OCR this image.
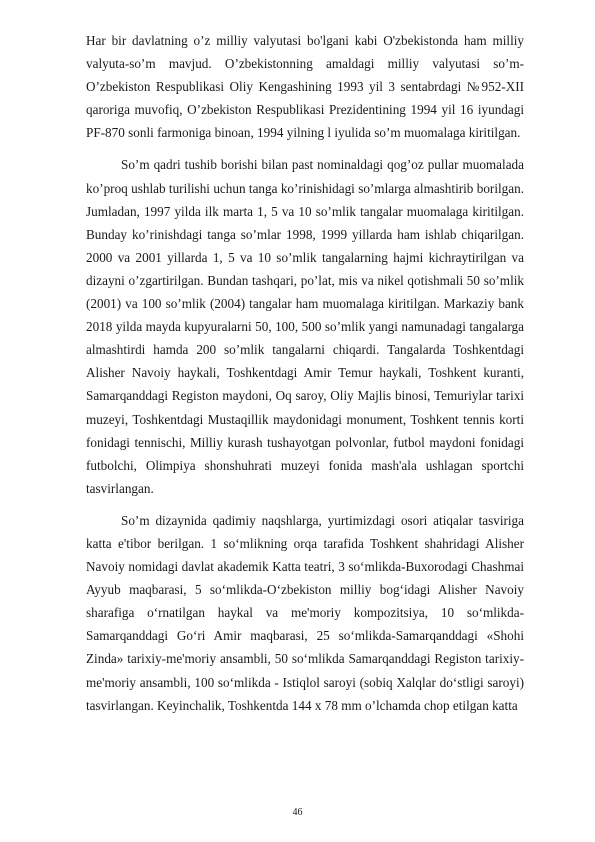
Har bir davlatning o’z milliy valyutasi bo'lgani kabi O'zbekistonda ham milliy valyuta-so’m mavjud. O’zbekistonning amaldagi milliy valyutasi so’m- O’zbekiston Respublikasi Oliy Kengashining 1993 yil 3 sentabrdagi №952-XII qaroriga muvofiq, O’zbekiston Respublikasi Prezidentining 1994 yil 16 iyundagi PF-870 sonli farmoniga binoan, 1994 yilning l iyulida so’m muomalaga kiritilgan.

So’m qadri tushib borishi bilan past nominaldagi qog’oz pullar muomalada ko’proq ushlab turilishi uchun tanga ko’rinishidagi so’mlarga almashtirib borilgan. Jumladan, 1997 yilda ilk marta 1, 5 va 10 so’mlik tangalar muomalaga kiritilgan. Bunday ko’rinishdagi tanga so’mlar 1998, 1999 yillarda ham ishlab chiqarilgan. 2000 va 2001 yillarda 1, 5 va 10 so’mlik tangalarning hajmi kichraytirilgan va dizayni o’zgartirilgan. Bundan tashqari, po’lat, mis va nikel qotishmali 50 so’mlik (2001) va 100 so’mlik (2004) tangalar ham muomalaga kiritilgan. Markaziy bank 2018 yilda mayda kupyuralarni 50, 100, 500 so’mlik yangi namunadagi tangalarga almashtirdi hamda 200 so’mlik tangalarni chiqardi. Tangalarda Toshkentdagi Alisher Navoiy haykali, Toshkentdagi Amir Temur haykali, Toshkent kuranti, Samarqanddagi Registon maydoni, Oq saroy, Oliy Majlis binosi, Temuriylar tarixi muzeyi, Toshkentdagi Mustaqillik maydonidagi monument, Toshkent tennis korti fonidagi tennischi, Milliy kurash tushayotgan polvonlar, futbol maydoni fonidagi futbolchi, Olimpiya shonshuhrati muzeyi fonida mash'ala ushlagan sportchi tasvirlangan.

So’m dizaynida qadimiy naqshlarga, yurtimizdagi osori atiqalar tasviriga katta e'tibor berilgan. 1 so‘mlikning orqa tarafida Toshkent shahridagi Alisher Navoiy nomidagi davlat akademik Katta teatri, 3 so‘mlikda-Buxorodagi Chashmai Ayyub maqbarasi, 5 so‘mlikda-O‘zbekiston milliy bog‘idagi Alisher Navoiy sharafiga o‘rnatilgan haykal va me'moriy kompozitsiya, 10 so‘mlikda-Samarqanddagi Go‘ri Amir maqbarasi, 25 so‘mlikda-Samarqanddagi «Shohi Zinda» tarixiy-me'moriy ansambli, 50 so‘mlikda Samarqanddagi Registon tarixiy-me'moriy ansambli, 100 so‘mlikda - Istiqlol saroyi (sobiq Xalqlar do‘stligi saroyi) tasvirlangan. Keyinchalik, Toshkentda 144 x 78 mm o’lchamda chop etilgan katta

46
